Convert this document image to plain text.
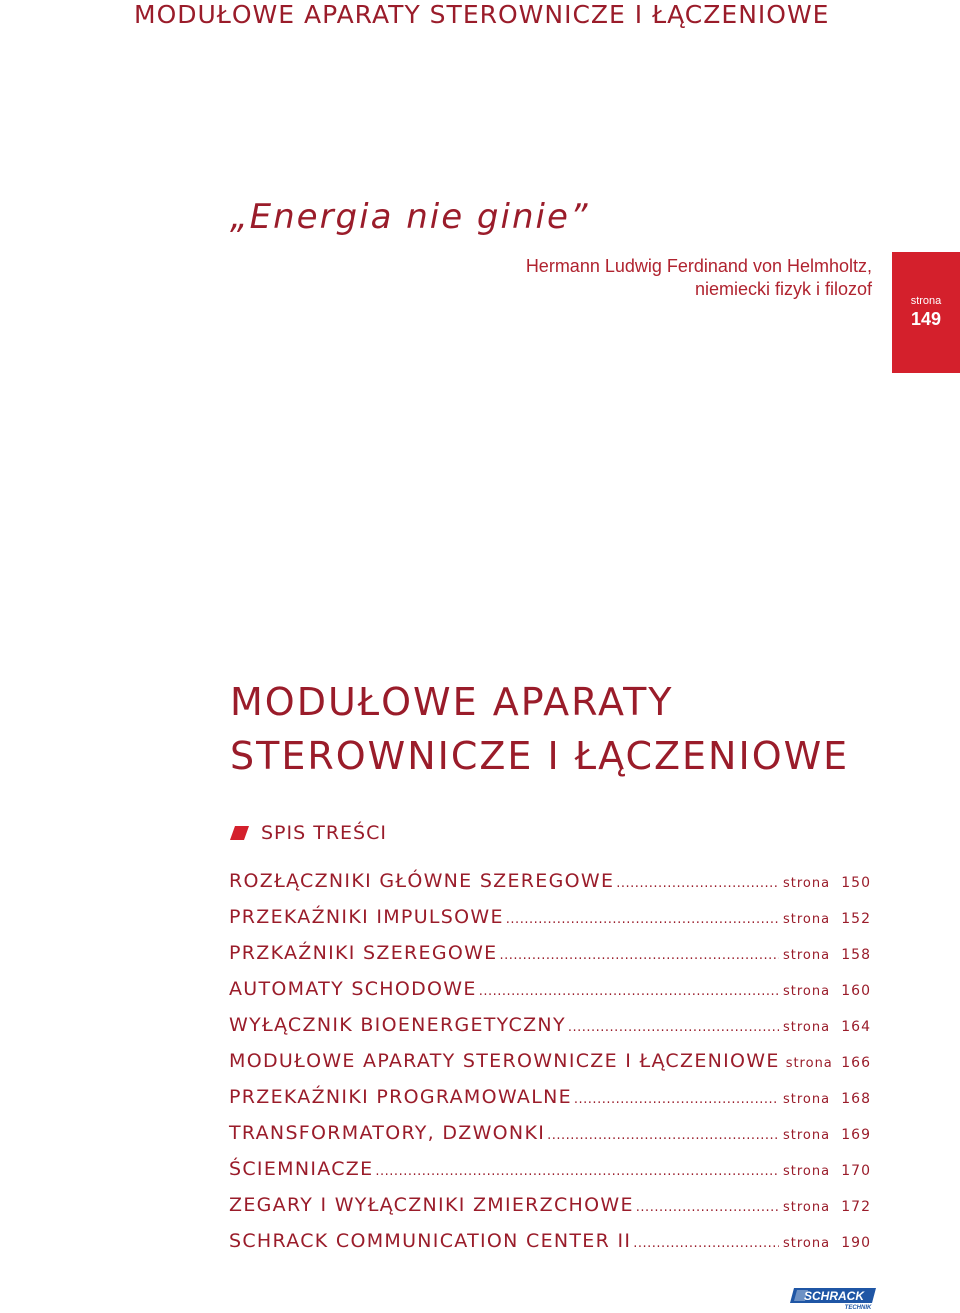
MODUŁOWE APARATY STEROWNICZE I ŁĄCZENIOWE
„Energia nie ginie”
Hermann Ludwig Ferdinand von Helmholtz,
niemiecki fizyk i filozof
strona
149
MODUŁOWE APARATY
STEROWNICZE I ŁĄCZENIOWE
SPIS TREŚCI
ROZŁĄCZNIKI GŁÓWNE SZEREGOWE .....	strona 150
PRZEKAŹNIKI IMPULSOWE .....	strona 152
PRZKAŹNIKI SZEREGOWE .....	strona 158
AUTOMATY SCHODOWE .....	strona 160
WYŁĄCZNIK BIOENERGETYCZNY .....	strona 164
MODUŁOWE APARATY STEROWNICZE I ŁĄCZENIOWE strona 166
PRZEKAŹNIKI PROGRAMOWALNE .....	strona 168
TRANSFORMATORY, DZWONKI .....	strona 169
ŚCIEMNIACZE .....	strona 170
ZEGARY I WYŁĄCZNIKI ZMIERZCHOWE .....	strona 172
SCHRACK COMMUNICATION CENTER II .....	strona 190
SCHRACK
TECHNIK
